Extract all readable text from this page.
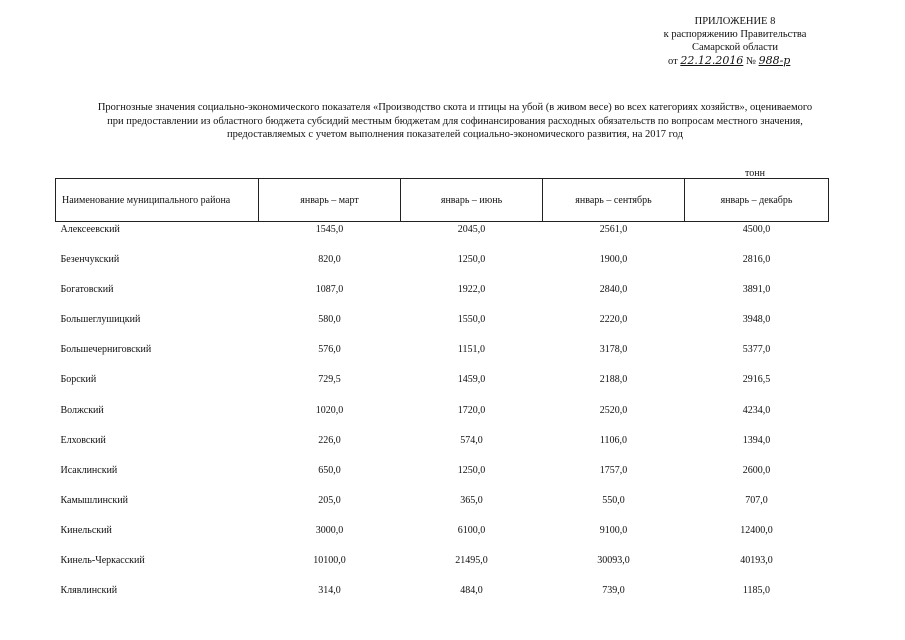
ПРИЛОЖЕНИЕ 8
к распоряжению Правительства
Самарской области
от 22.12.2016 № 988-р
Прогнозные значения социально-экономического показателя «Производство скота и птицы на убой (в живом весе) во всех категориях хозяйств», оцениваемого
при предоставлении из областного бюджета субсидий местным бюджетам для софинансирования расходных обязательств по вопросам местного значения,
предоставляемых с учетом выполнения показателей социально-экономического развития, на 2017 год
тонн
Наименование муниципального района	январь – март	январь – июнь	январь – сентябрь	январь – декабрь
Алексеевский	1545,0	2045,0	2561,0	4500,0
Безенчукский	820,0	1250,0	1900,0	2816,0
Богатовский	1087,0	1922,0	2840,0	3891,0
Большеглушицкий	580,0	1550,0	2220,0	3948,0
Большечерниговский	576,0	1151,0	3178,0	5377,0
Борский	729,5	1459,0	2188,0	2916,5
Волжский	1020,0	1720,0	2520,0	4234,0
Елховский	226,0	574,0	1106,0	1394,0
Исаклинский	650,0	1250,0	1757,0	2600,0
Камышлинский	205,0	365,0	550,0	707,0
Кинельский	3000,0	6100,0	9100,0	12400,0
Кинель-Черкасский	10100,0	21495,0	30093,0	40193,0
Клявлинский	314,0	484,0	739,0	1185,0
